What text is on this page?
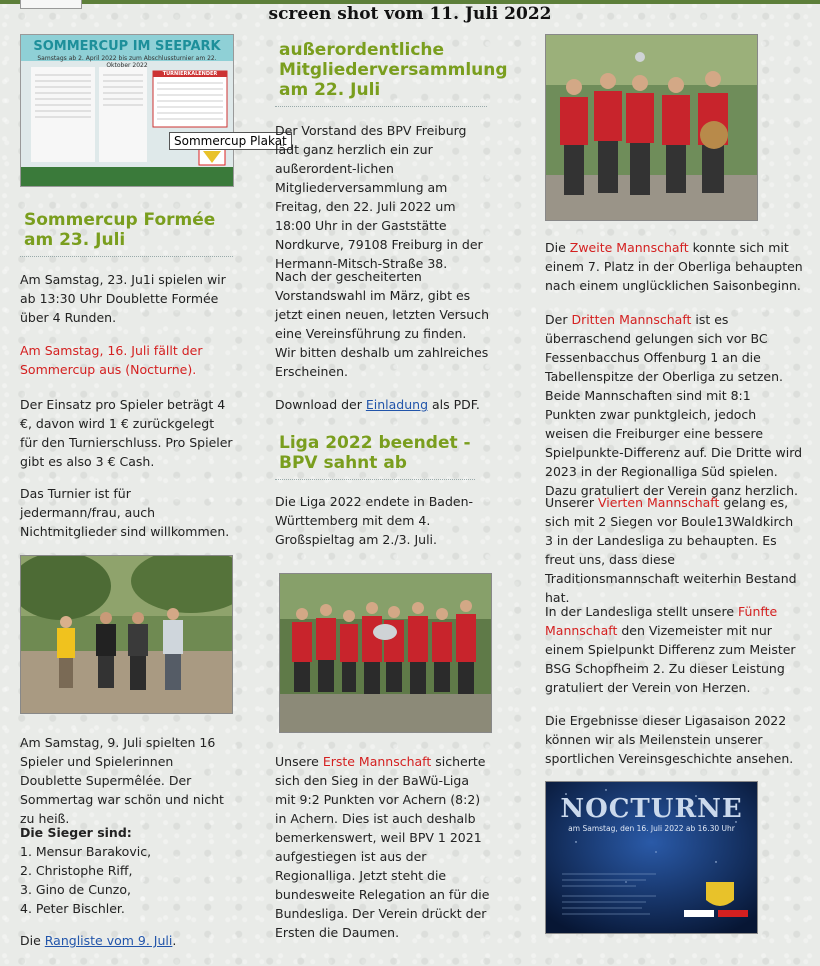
screen shot vom 11. Juli 2022
SOMMERCUP IM SEEPARK
Samstags ab 2. April 2022 bis zum Abschlussturnier am 22. Oktober 2022
TURNIERKALENDER
Sommercup Plakat
Sommercup Formée am 23. Juli

Am Samstag, 23. Ju1i spielen wir ab 13:30 Uhr Doublette Formée über 4 Runden.

Am Samstag, 16. Juli fällt der Sommercup aus (Nocturne).

Der Einsatz pro Spieler beträgt 4 €, davon wird 1 € zurückgelegt für den Turnierschluss. Pro Spieler gibt es also 3 € Cash.

Das Turnier ist für jedermann/frau, auch Nichtmitglieder sind willkommen.

Am Samstag, 9. Juli spielten 16 Spieler und Spielerinnen Doublette Supermêlée. Der Sommertag war schön und nicht zu heiß.

Die Sieger sind:

1. Mensur Barakovic,
2. Christophe Riff,
3. Gino de Cunzo,
4. Peter Bischler.

Die Rangliste vom 9. Juli.

außerordentliche Mitgliederversammlung am 22. Juli

Der Vorstand des BPV Freiburg lädt ganz herzlich ein zur außerordent-lichen Mitgliederversammlung am Freitag, den 22. Juli 2022 um 18:00 Uhr in der Gaststätte Nordkurve, 79108 Freiburg in der Hermann-Mitsch-Straße 38.

Nach der gescheiterten Vorstandswahl im März, gibt es jetzt einen neuen, letzten Versuch eine Vereinsführung zu finden. Wir bitten deshalb um zahlreiches Erscheinen.

Download der Einladung als PDF.

Liga 2022 beendet - BPV sahnt ab

Die Liga 2022 endete in Baden-Württemberg mit dem 4. Großspieltag am 2./3. Juli.

Unsere Erste Mannschaft sicherte sich den Sieg in der BaWü-Liga mit 9:2 Punkten vor Achern (8:2) in Achern. Dies ist auch deshalb bemerkenswert, weil BPV 1 2021 aufgestiegen ist aus der Regionalliga. Jetzt steht die bundesweite Relegation an für die Bundesliga. Der Verein drückt der Ersten die Daumen.

Die Zweite Mannschaft konnte sich mit einem 7. Platz in der Oberliga behaupten nach einem unglücklichen Saisonbeginn.

Der Dritten Mannschaft ist es überraschend gelungen sich vor BC Fessenbacchus Offenburg 1 an die Tabellenspitze der Oberliga zu setzen. Beide Mannschaften sind mit 8:1 Punkten zwar punktgleich, jedoch weisen die Freiburger eine bessere Spielpunkte-Differenz auf. Die Dritte wird 2023 in der Regionalliga Süd spielen. Dazu gratuliert der Verein ganz herzlich.

Unserer Vierten Mannschaft gelang es, sich mit 2 Siegen vor Boule13Waldkirch 3 in der Landesliga zu behaupten. Es freut uns, dass diese Traditionsmannschaft weiterhin Bestand hat.

In der Landesliga stellt unsere Fünfte Mannschaft den Vizemeister mit nur einem Spielpunkt Differenz zum Meister BSG Schopfheim 2. Zu dieser Leistung gratuliert der Verein von Herzen.

Die Ergebnisse dieser Ligasaison 2022 können wir als Meilenstein unserer sportlichen Vereinsgeschichte ansehen.

NOCTURNE
am Samstag, den 16. Juli 2022 ab 16.30 Uhr
